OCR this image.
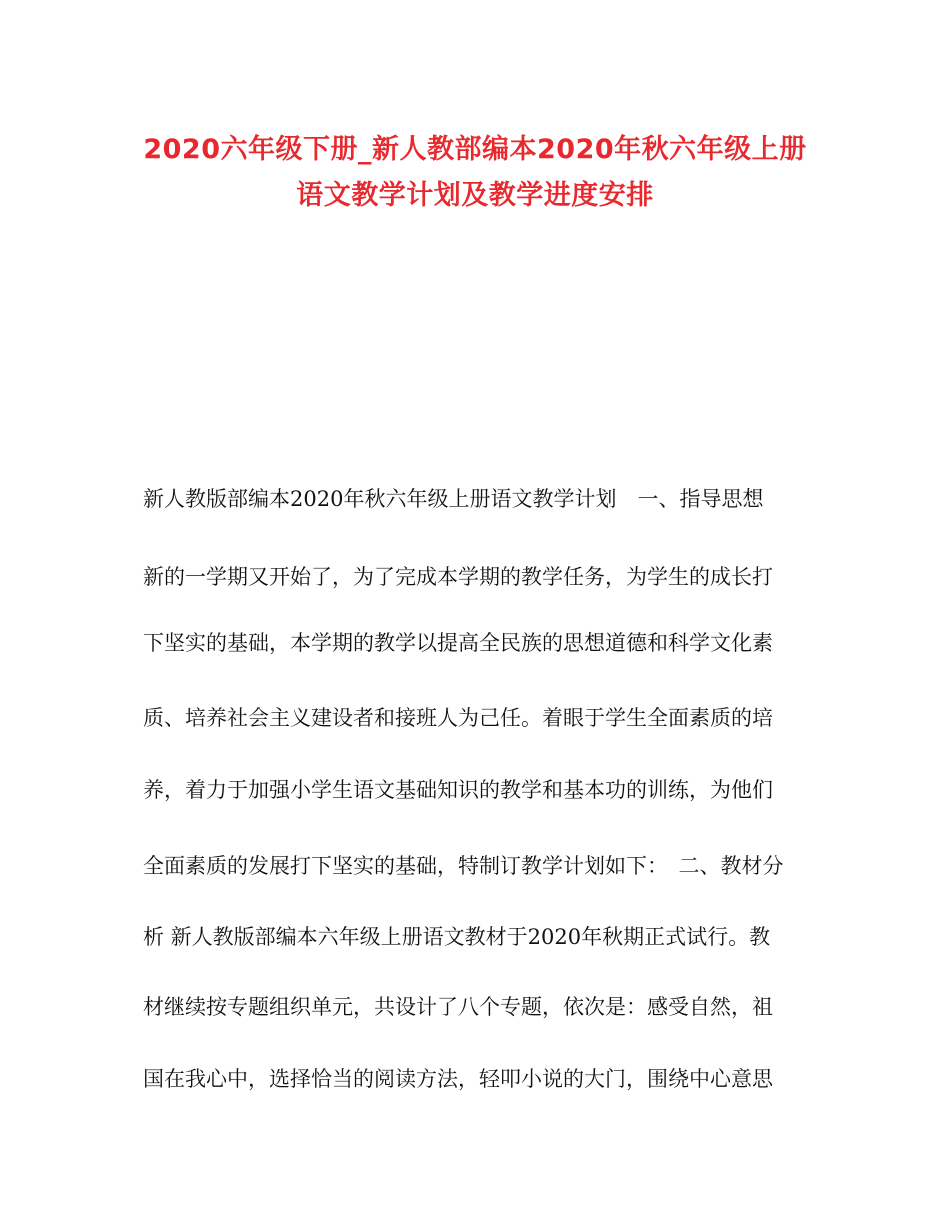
2020六年级下册_新人教部编本2020年秋六年级上册
语文教学计划及教学进度安排
新人教版部编本2020年秋六年级上册语文教学计划　一、指导思想
新的一学期又开始了，为了完成本学期的教学任务，为学生的成长打
下坚实的基础，本学期的教学以提高全民族的思想道德和科学文化素
质、培养社会主义建设者和接班人为己任。着眼于学生全面素质的培
养，着力于加强小学生语文基础知识的教学和基本功的训练，为他们
全面素质的发展打下坚实的基础，特制订教学计划如下：　二、教材分
析 新人教版部编本六年级上册语文教材于2020年秋期正式试行。教
材继续按专题组织单元，共设计了八个专题，依次是：感受自然，祖
国在我心中，选择恰当的阅读方法，轻叩小说的大门，围绕中心意思
